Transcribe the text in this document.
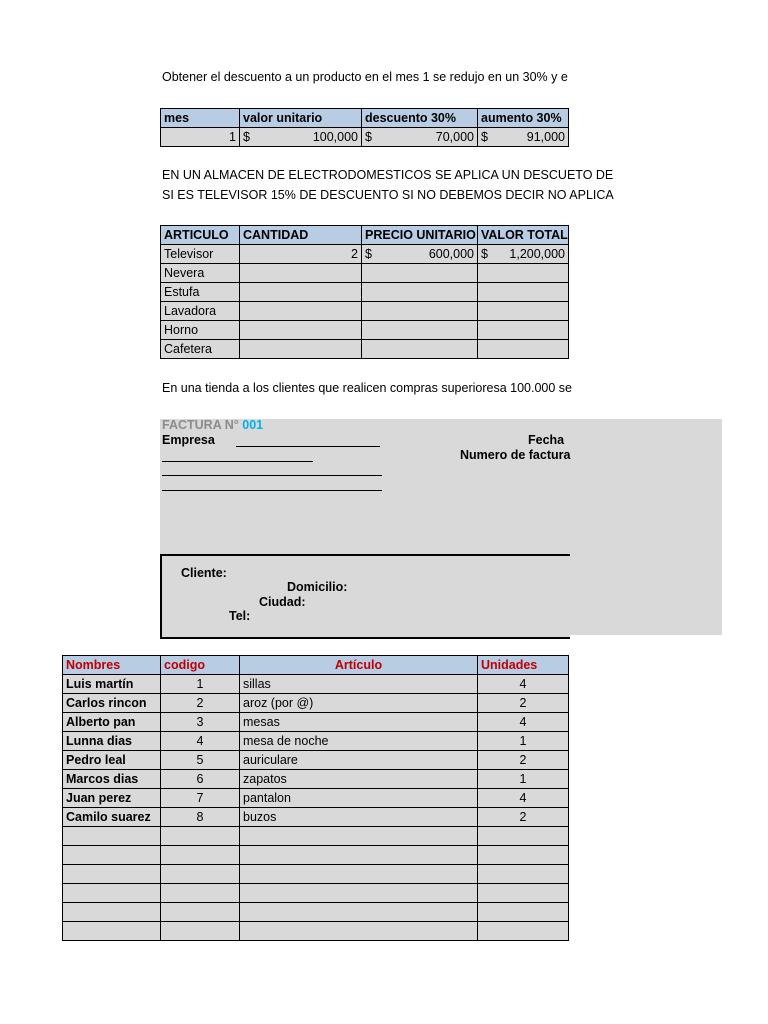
Obtener el descuento a un producto en el mes 1 se redujo en un 30% y e
mes	valor unitario	descuento 30%	aumento 30%
1	$ 100,000	$ 70,000	$ 91,000
EN UN ALMACEN DE ELECTRODOMESTICOS SE APLICA UN DESCUETO DE
SI ES TELEVISOR 15% DE DESCUENTO SI NO DEBEMOS DECIR NO APLICA
ARTICULO	CANTIDAD	PRECIO UNITARIO	VALOR TOTAL
Televisor	2	$ 600,000	$ 1,200,000

Nevera			
Estufa			
Lavadora			
Horno			
Cafetera			
En una tienda a los clientes que realicen compras superioresa 100.000 se
FACTURA N° 001
Empresa	Fecha
Numero de factura
Cliente:
Domicilio:
Ciudad:
Tel:
Nombres	codigo	Artículo	Unidades
Luis martín	1	sillas	4
Carlos rincon	2	aroz (por @)	2
Alberto pan	3	mesas	4
Lunna dias	4	mesa de noche	1
Pedro leal	5	auriculare	2
Marcos dias	6	zapatos	1
Juan perez	7	pantalon	4
Camilo suarez	8	buzos	2
